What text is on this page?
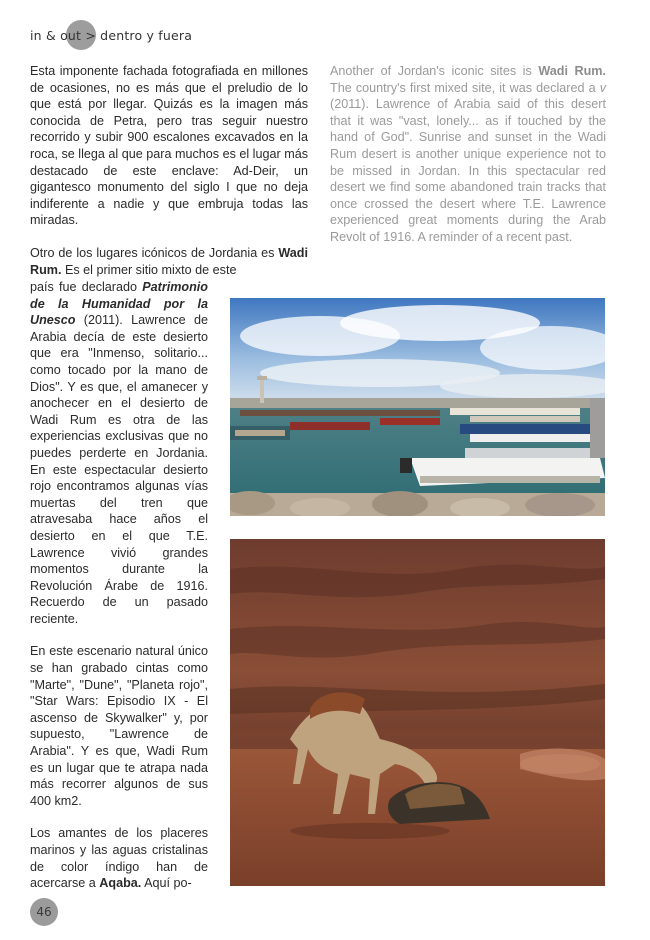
in & out > dentro y fuera

Esta imponente fachada fotografiada en millones de ocasiones, no es más que el preludio de lo que está por llegar. Quizás es la imagen más conocida de Petra, pero tras seguir nuestro recorrido y subir 900 escalones excavados en la roca, se llega al que para muchos es el lugar más destacado de este enclave: Ad-Deir, un gigantesco monumento del siglo I que no deja indiferente a nadie y que embruja todas las miradas.

Otro de los lugares icónicos de Jordania es Wadi Rum. Es el primer sitio mixto de este

país fue declarado Patrimonio de la Humanidad por la Unesco (2011). Lawrence de Arabia decía de este desierto que era "Inmenso, solitario... como tocado por la mano de Dios". Y es que, el amanecer y anochecer en el desierto de Wadi Rum es otra de las experiencias exclusivas que no puedes perderte en Jordania. En este espectacular desierto rojo encontramos algunas vías muertas del tren que atravesaba hace años el desierto en el que T.E. Lawrence vivió grandes momentos durante la Revolución Árabe de 1916. Recuerdo de un pasado reciente.

En este escenario natural único se han grabado cintas como "Marte", "Dune", "Planeta rojo", "Star Wars: Episodio IX - El ascenso de Skywalker" y, por supuesto, "Lawrence de Arabia". Y es que, Wadi Rum es un lugar que te atrapa nada más recorrer algunos de sus 400 km2.

Los amantes de los placeres marinos y las aguas cristalinas de color índigo han de acercarse a Aqaba. Aquí po-

Another of Jordan's iconic sites is Wadi Rum. The country's first mixed site, it was declared a v (2011). Lawrence of Arabia said of this desert that it was "vast, lonely... as if touched by the hand of God". Sunrise and sunset in the Wadi Rum desert is another unique experience not to be missed in Jordan. In this spectacular red desert we find some abandoned train tracks that once crossed the desert where T.E. Lawrence experienced great moments during the Arab Revolt of 1916. A reminder of a recent past.
46
